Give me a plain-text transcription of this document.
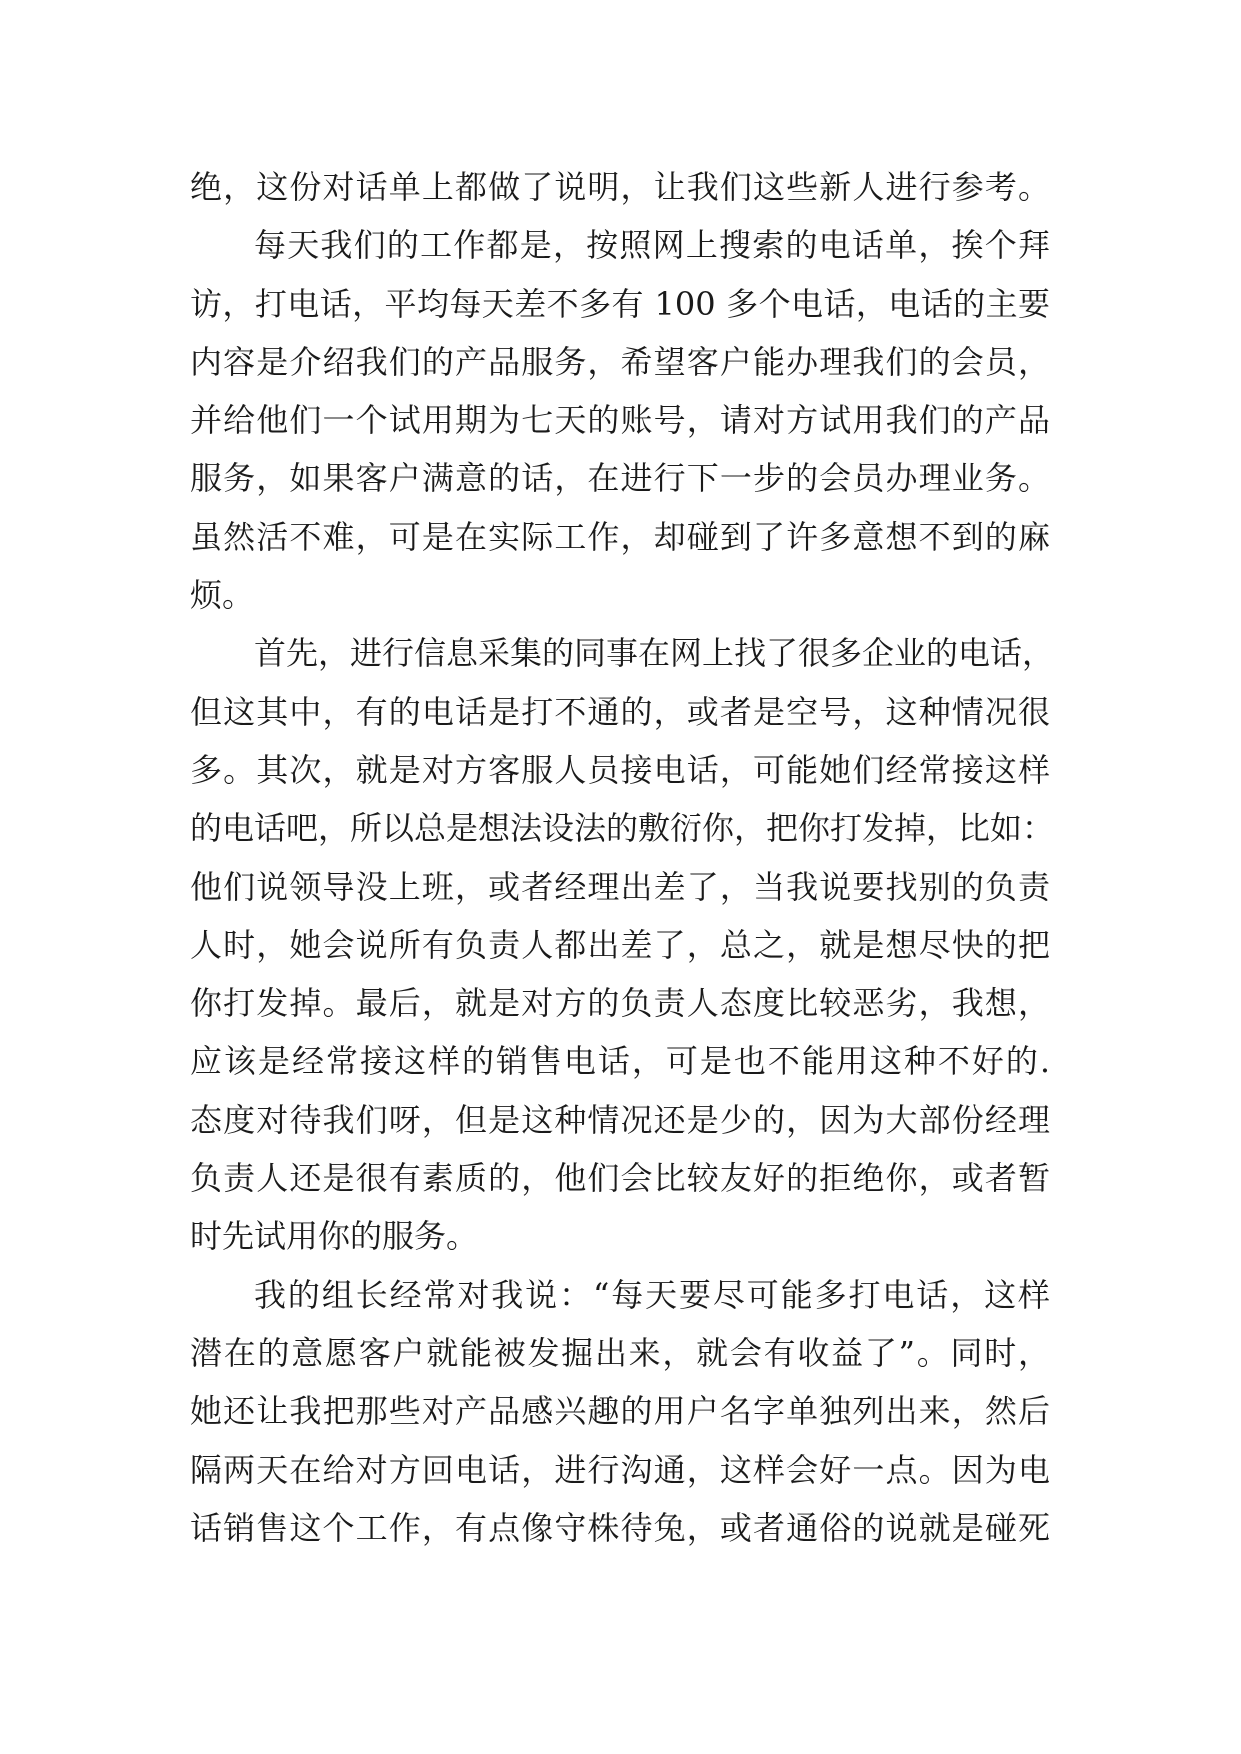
绝，这份对话单上都做了说明，让我们这些新人进行参考。
每天我们的工作都是，按照网上搜索的电话单，挨个拜
访，打电话，平均每天差不多有 100 多个电话，电话的主要
内容是介绍我们的产品服务，希望客户能办理我们的会员，
并给他们一个试用期为七天的账号，请对方试用我们的产品
服务，如果客户满意的话，在进行下一步的会员办理业务。
虽然活不难，可是在实际工作，却碰到了许多意想不到的麻
烦。
首先，进行信息采集的同事在网上找了很多企业的电话，
但这其中，有的电话是打不通的，或者是空号，这种情况很
多。其次，就是对方客服人员接电话，可能她们经常接这样
的电话吧，所以总是想法设法的敷衍你，把你打发掉，比如：
他们说领导没上班，或者经理出差了，当我说要找别的负责
人时，她会说所有负责人都出差了，总之，就是想尽快的把
你打发掉。最后，就是对方的负责人态度比较恶劣，我想，
应该是经常接这样的销售电话，可是也不能用这种不好的.
态度对待我们呀，但是这种情况还是少的，因为大部份经理
负责人还是很有素质的，他们会比较友好的拒绝你，或者暂
时先试用你的服务。
我的组长经常对我说：“每天要尽可能多打电话，这样
潜在的意愿客户就能被发掘出来，就会有收益了”。同时，
她还让我把那些对产品感兴趣的用户名字单独列出来，然后
隔两天在给对方回电话，进行沟通，这样会好一点。因为电
话销售这个工作，有点像守株待兔，或者通俗的说就是碰死
